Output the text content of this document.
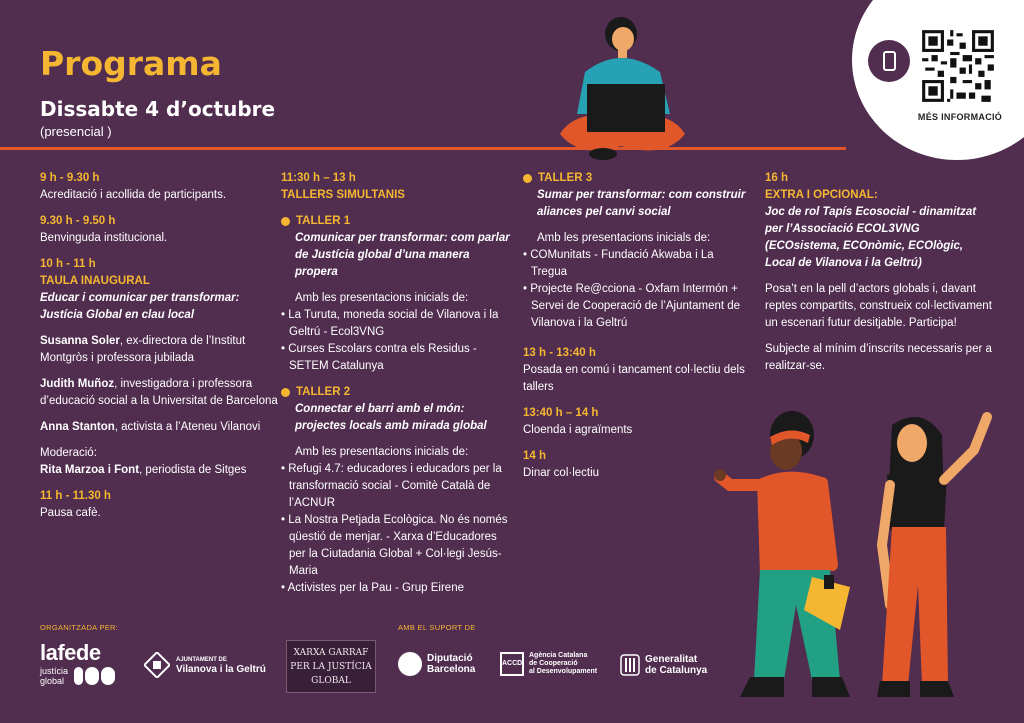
Programa
Dissabte 4 d’octubre
(presencial )
MÉS INFORMACIÓ
9 h - 9.30 h
Acreditació i acollida de participants.
9.30 h - 9.50 h
Benvinguda institucional.
10 h - 11 h
TAULA INAUGURAL
Educar i comunicar per transformar: Justícia Global en clau local
Susanna Soler, ex-directora de l’Institut Montgròs i professora jubilada
Judith Muñoz, investigadora i professora d’educació social a la Universitat de Barcelona
Anna Stanton, activista a l’Ateneu Vilanovi
Moderació:
Rita Marzoa i Font, periodista de Sitges
11 h - 11.30 h
Pausa cafè.
11:30 h – 13 h
TALLERS SIMULTANIS
TALLER 1
Comunicar per transformar: com parlar de Justícia global d’una manera propera
Amb les presentacions inicials de:
• La Turuta, moneda social de Vilanova i la Geltrú - Ecol3VNG
• Curses Escolars contra els Residus - SETEM Catalunya
TALLER 2
Connectar el barri amb el món: projectes locals amb mirada global
Amb les presentacions inicials de:
• Refugi 4.7: educadores i educadors per la transformació social - Comitè Català de l’ACNUR
• La Nostra Petjada Ecològica. No és només qüestió de menjar. - Xarxa d’Educadores per la Ciutadania Global + Col·legi Jesús-Maria
• Activistes per la Pau - Grup Eirene
TALLER 3
Sumar per transformar: com construir aliances pel canvi social
Amb les presentacions inicials de:
• COMunitats - Fundació Akwaba i La Tregua
• Projecte Re@cciona - Oxfam Intermón + Servei de Cooperació de l’Ajuntament de Vilanova i la Geltrú
13 h - 13:40 h
Posada en comú i tancament col·lectiu dels tallers
13:40 h – 14 h
Cloenda i agraïments
14 h
Dinar col·lectiu
16 h
EXTRA I OPCIONAL:
Joc de rol Tapís Ecosocial - dinamitzat per l’Associació ECOL3VNG (ECOsistema, ECOnòmic, ECOlògic, Local de Vilanova i la Geltrú)
Posa’t en la pell d’actors globals i, davant reptes compartits, construeix col·lectivament un escenari futur desitjable. Participa!
Subjecte al mínim d’inscrits necessaris per a realitzar-se.
ORGANITZADA PER:	AMB EL SUPORT DE
lafede
justícia
global
AJUNTAMENT DE
Vilanova i la Geltrú
XARXA GARRAF
PER LA JUSTÍCIA
GLOBAL
Diputació
Barcelona
ACCD
Agència Catalana
de Cooperació
al Desenvolupament
Generalitat
de Catalunya
